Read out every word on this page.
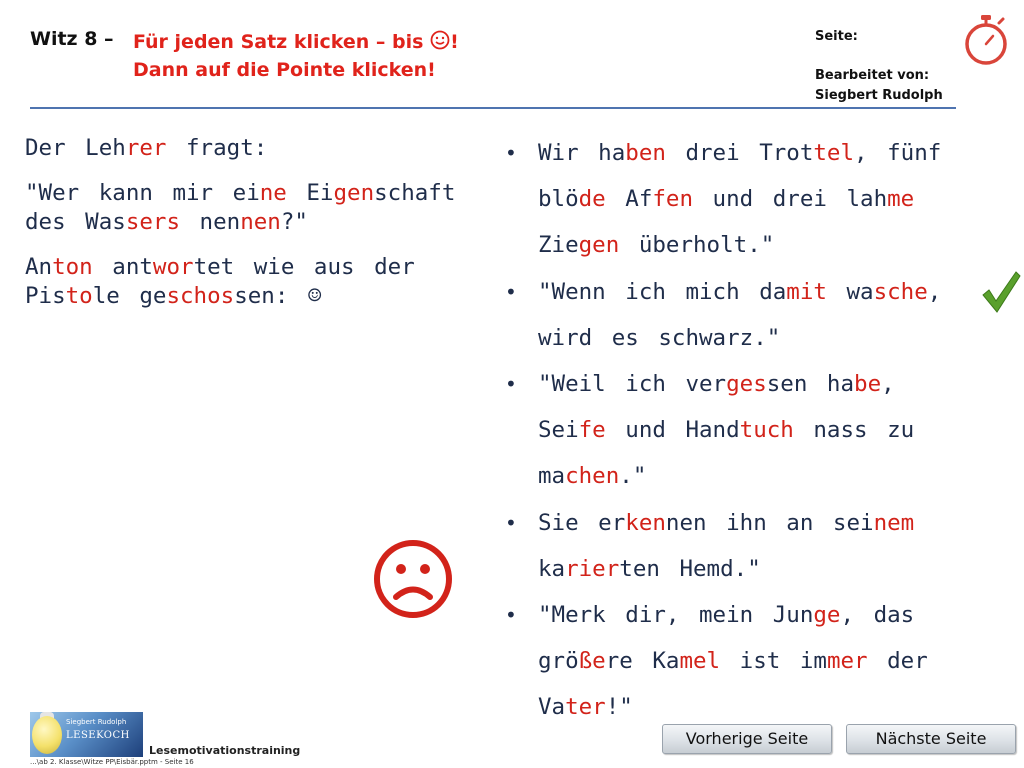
Witz 8 – Für jeden Satz klicken – bis !
Dann auf die Pointe klicken!
Seite:
Bearbeitet von:
Siegbert Rudolph

Der Lehrer fragt:

"Wer kann mir eine Eigenschaft des Wassers nennen?"

Anton antwortet wie aus der Pistole geschossen: ☺

• Wir haben drei Trottel, fünf blöde Affen und drei lahme Ziegen überholt."
• "Wenn ich mich damit wasche, wird es schwarz."
• "Weil ich vergessen habe, Seife und Handtuch nass zu machen."
• Sie erkennen ihn an seinem karierten Hemd."
• "Merk dir, mein Junge, das größere Kamel ist immer der Vater!"
Siegbert Rudolph
LESEKOCH
Lesemotivationstraining
...\ab 2. Klasse\Witze PP\Eisbär.pptm - Seite 16
Vorherige Seite	Nächste Seite
